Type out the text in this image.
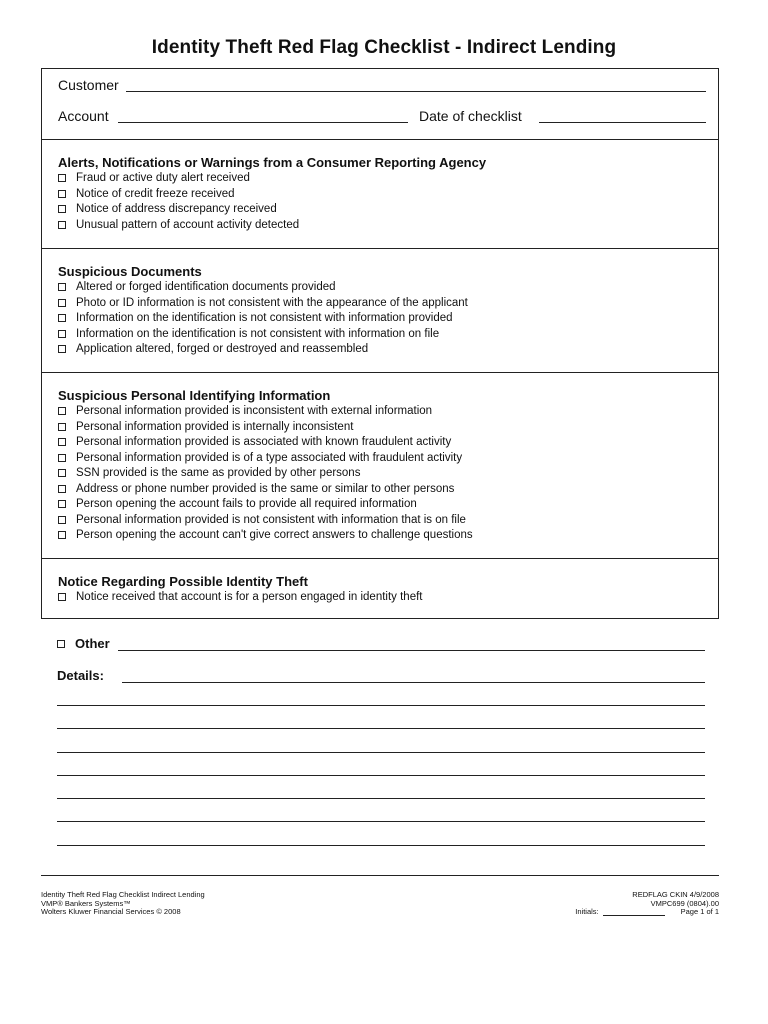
Identity Theft Red Flag Checklist - Indirect Lending
Customer
Account	Date of checklist
Alerts, Notifications or Warnings from a Consumer Reporting Agency
Fraud or active duty alert received
Notice of credit freeze received
Notice of address discrepancy received
Unusual pattern of account activity detected
Suspicious Documents
Altered or forged identification documents provided
Photo or ID information is not consistent with the appearance of the applicant
Information on the identification is not consistent with information provided
Information on the identification is not consistent with information on file
Application altered, forged or destroyed and reassembled
Suspicious Personal Identifying Information
Personal information provided is inconsistent with external information
Personal information provided is internally inconsistent
Personal information provided is associated with known fraudulent activity
Personal information provided is of a type associated with fraudulent activity
SSN provided is the same as provided by other persons
Address or phone number provided is the same or similar to other persons
Person opening the account fails to provide all required information
Personal information provided is not consistent with information that is on file
Person opening the account can't give correct answers to challenge questions
Notice Regarding Possible Identity Theft
Notice received that account is for a person engaged in identity theft
Other
Details:
Identity Theft Red Flag Checklist Indirect Lending
VMP® Bankers Systems™
Wolters Kluwer Financial Services © 2008
REDFLAG CKIN 4/9/2008
VMPC699 (0804).00
Initials:	Page 1 of 1
